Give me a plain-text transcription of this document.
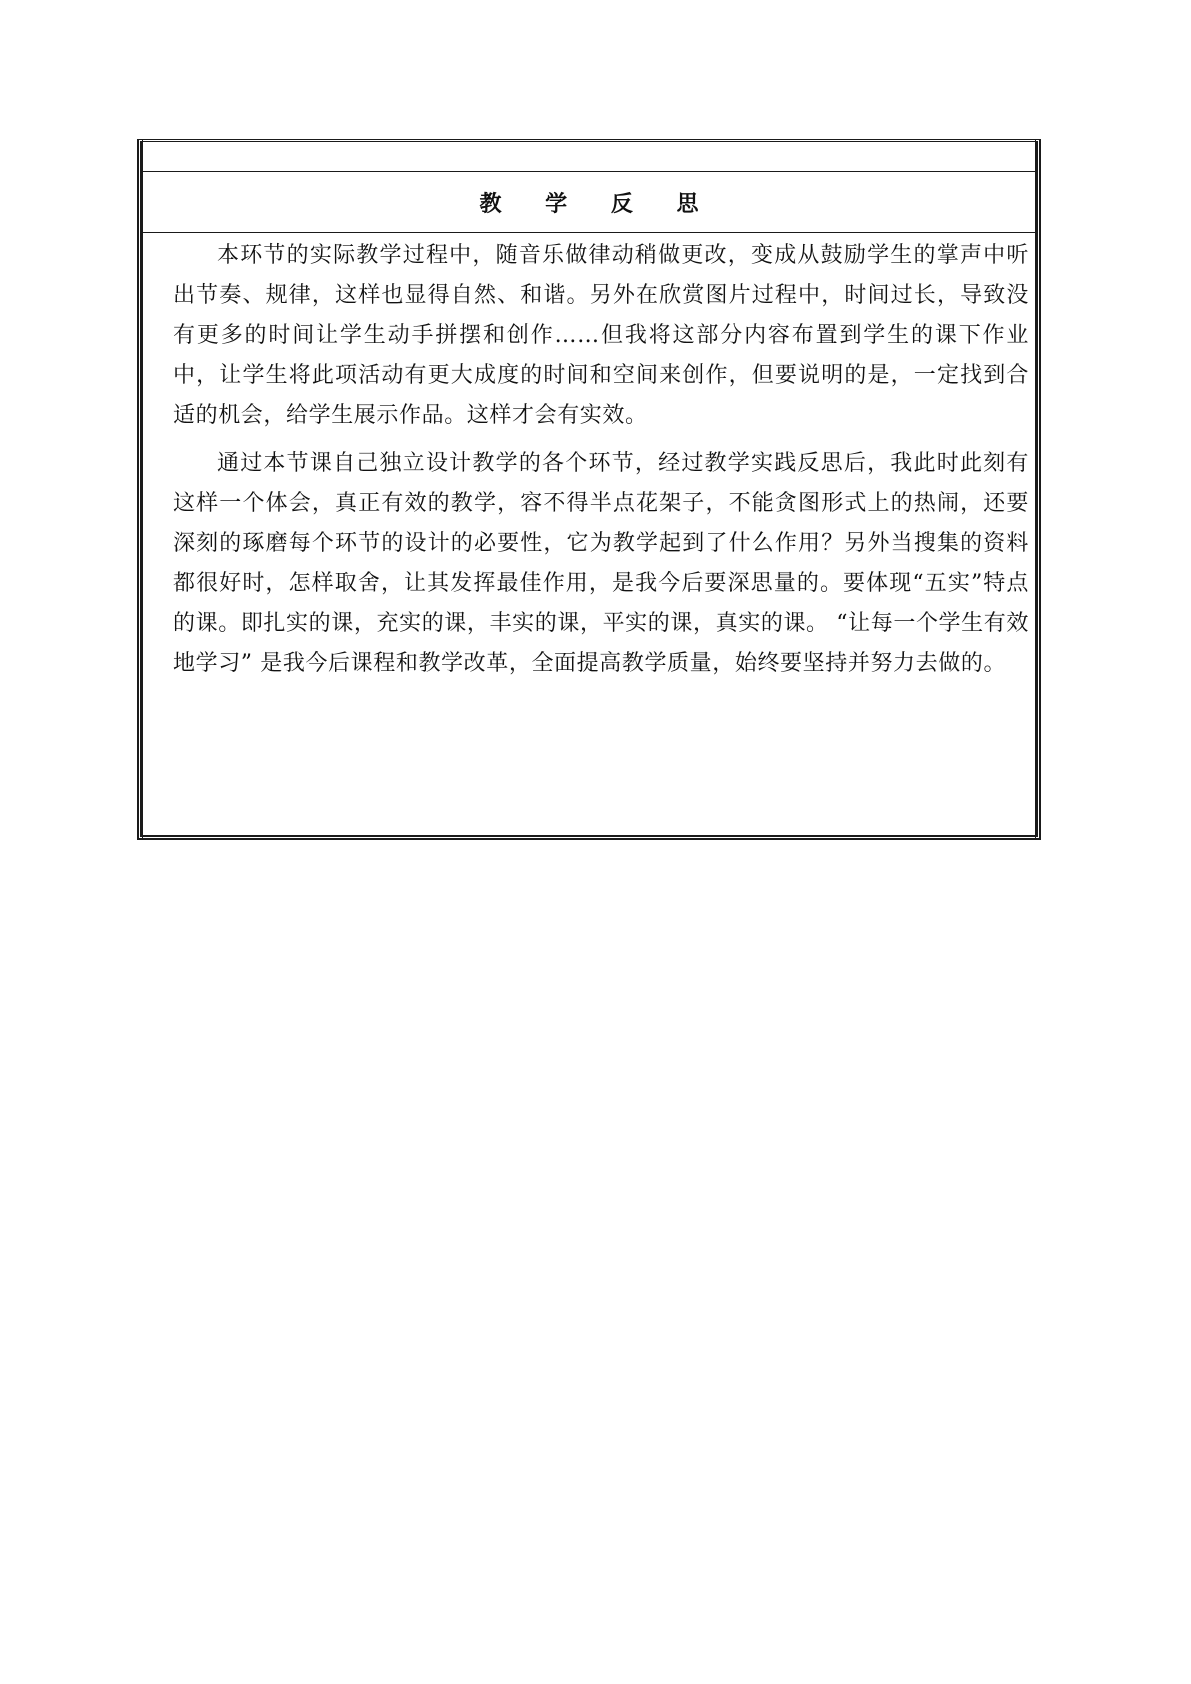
教 学 反 思

本环节的实际教学过程中，随音乐做律动稍做更改，变成从鼓励学生的掌声中听出节奏、规律，这样也显得自然、和谐。另外在欣赏图片过程中，时间过长，导致没有更多的时间让学生动手拼摆和创作……但我将这部分内容布置到学生的课下作业中，让学生将此项活动有更大成度的时间和空间来创作，但要说明的是，一定找到合适的机会，给学生展示作品。这样才会有实效。

通过本节课自己独立设计教学的各个环节，经过教学实践反思后，我此时此刻有这样一个体会，真正有效的教学，容不得半点花架子，不能贪图形式上的热闹，还要深刻的琢磨每个环节的设计的必要性，它为教学起到了什么作用？另外当搜集的资料都很好时，怎样取舍，让其发挥最佳作用，是我今后要深思量的。要体现“五实”特点的课。即扎实的课，充实的课，丰实的课，平实的课，真实的课。 “让每一个学生有效地学习” 是我今后课程和教学改革，全面提高教学质量，始终要坚持并努力去做的。
